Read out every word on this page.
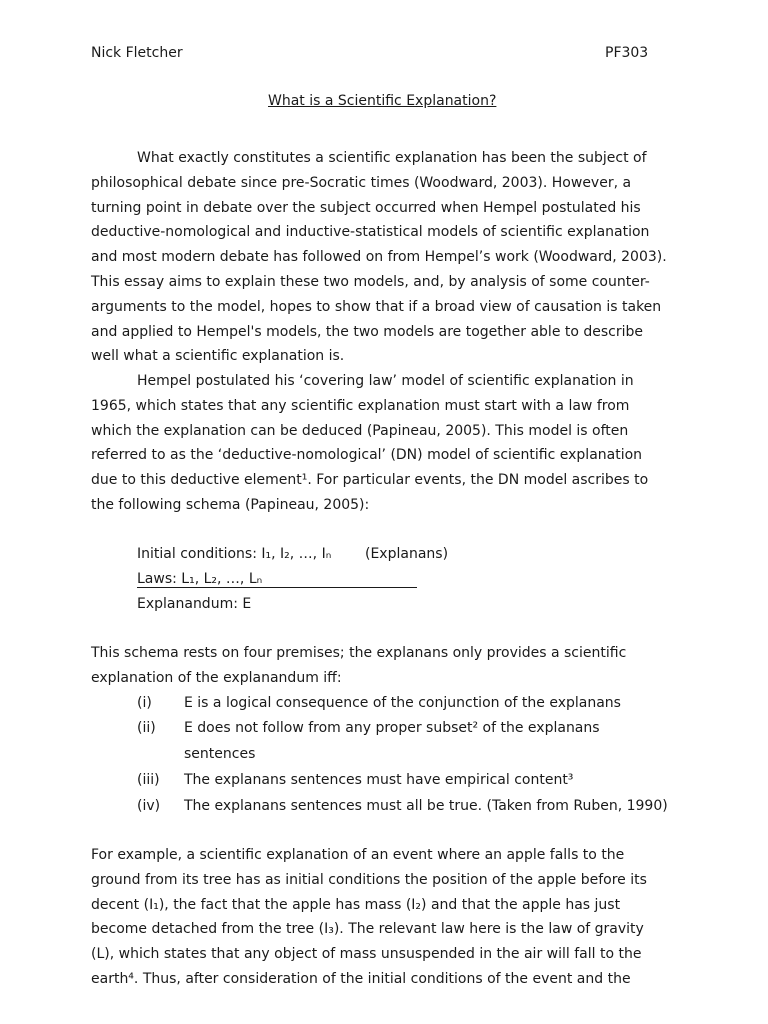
Nick Fletcher	PF303
What is a Scientific Explanation?
What exactly constitutes a scientific explanation has been the subject of
philosophical debate since pre-Socratic times (Woodward, 2003). However, a
turning point in debate over the subject occurred when Hempel postulated his
deductive-nomological and inductive-statistical models of scientific explanation
and most modern debate has followed on from Hempel’s work (Woodward, 2003).
This essay aims to explain these two models, and, by analysis of some counter-
arguments to the model, hopes to show that if a broad view of causation is taken
and applied to Hempel's models, the two models are together able to describe
well what a scientific explanation is.
Hempel postulated his ‘covering law’ model of scientific explanation in
1965, which states that any scientific explanation must start with a law from
which the explanation can be deduced (Papineau, 2005). This model is often
referred to as the ‘deductive-nomological’ (DN) model of scientific explanation
due to this deductive element¹. For particular events, the DN model ascribes to
the following schema (Papineau, 2005):
Initial conditions: I₁, I₂, …, Iₙ (Explanans)
Laws: L₁, L₂, …, Lₙ
Explanandum: E
This schema rests on four premises; the explanans only provides a scientific
explanation of the explanandum iff:
(i) E is a logical consequence of the conjunction of the explanans
(ii) E does not follow from any proper subset² of the explanans
sentences
(iii) The explanans sentences must have empirical content³
(iv) The explanans sentences must all be true. (Taken from Ruben, 1990)
For example, a scientific explanation of an event where an apple falls to the
ground from its tree has as initial conditions the position of the apple before its
decent (I₁), the fact that the apple has mass (I₂) and that the apple has just
become detached from the tree (I₃). The relevant law here is the law of gravity
(L), which states that any object of mass unsuspended in the air will fall to the
earth⁴. Thus, after consideration of the initial conditions of the event and the
